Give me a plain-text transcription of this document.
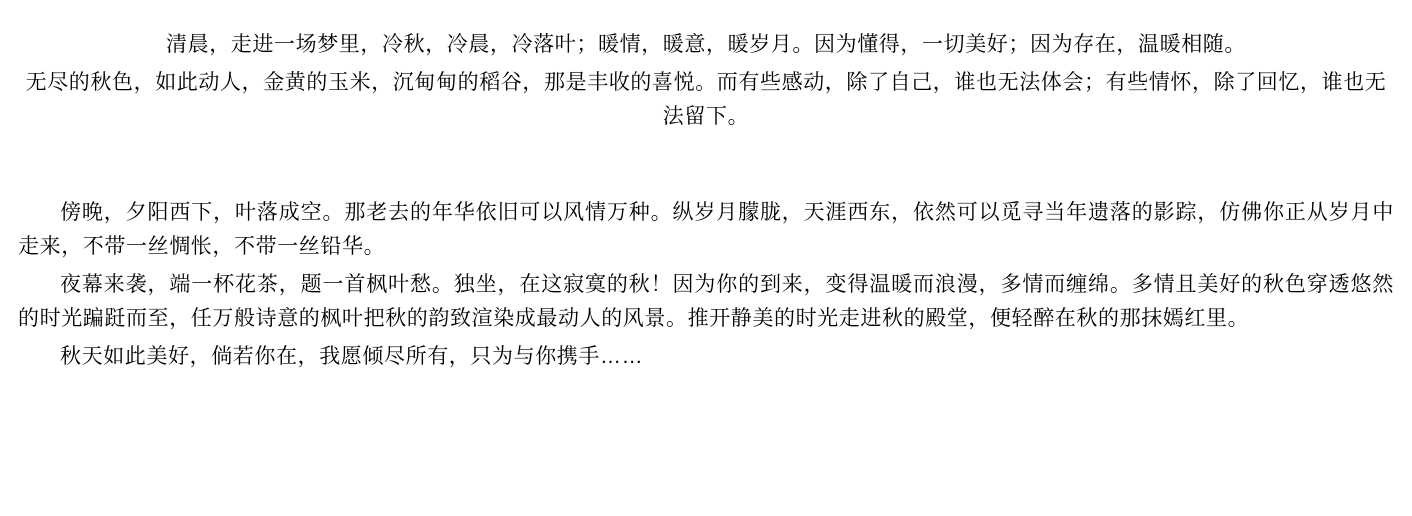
清晨，走进一场梦里，冷秋，冷晨，冷落叶；暖情，暖意，暖岁月。因为懂得，一切美好；因为存在，温暖相随。

无尽的秋色，如此动人，金黄的玉米，沉甸甸的稻谷，那是丰收的喜悦。而有些感动，除了自己，谁也无法体会；有些情怀，除了回忆，谁也无法留下。

傍晚，夕阳西下，叶落成空。那老去的年华依旧可以风情万种。纵岁月朦胧，天涯西东，依然可以觅寻当年遗落的影踪，仿佛你正从岁月中走来，不带一丝惆怅，不带一丝铅华。

夜幕来袭，端一杯花茶，题一首枫叶愁。独坐，在这寂寞的秋！因为你的到来，变得温暖而浪漫，多情而缠绵。多情且美好的秋色穿透悠然的时光蹁跹而至，任万般诗意的枫叶把秋的韵致渲染成最动人的风景。推开静美的时光走进秋的殿堂，便轻醉在秋的那抹嫣红里。

秋天如此美好，倘若你在，我愿倾尽所有，只为与你携手……
